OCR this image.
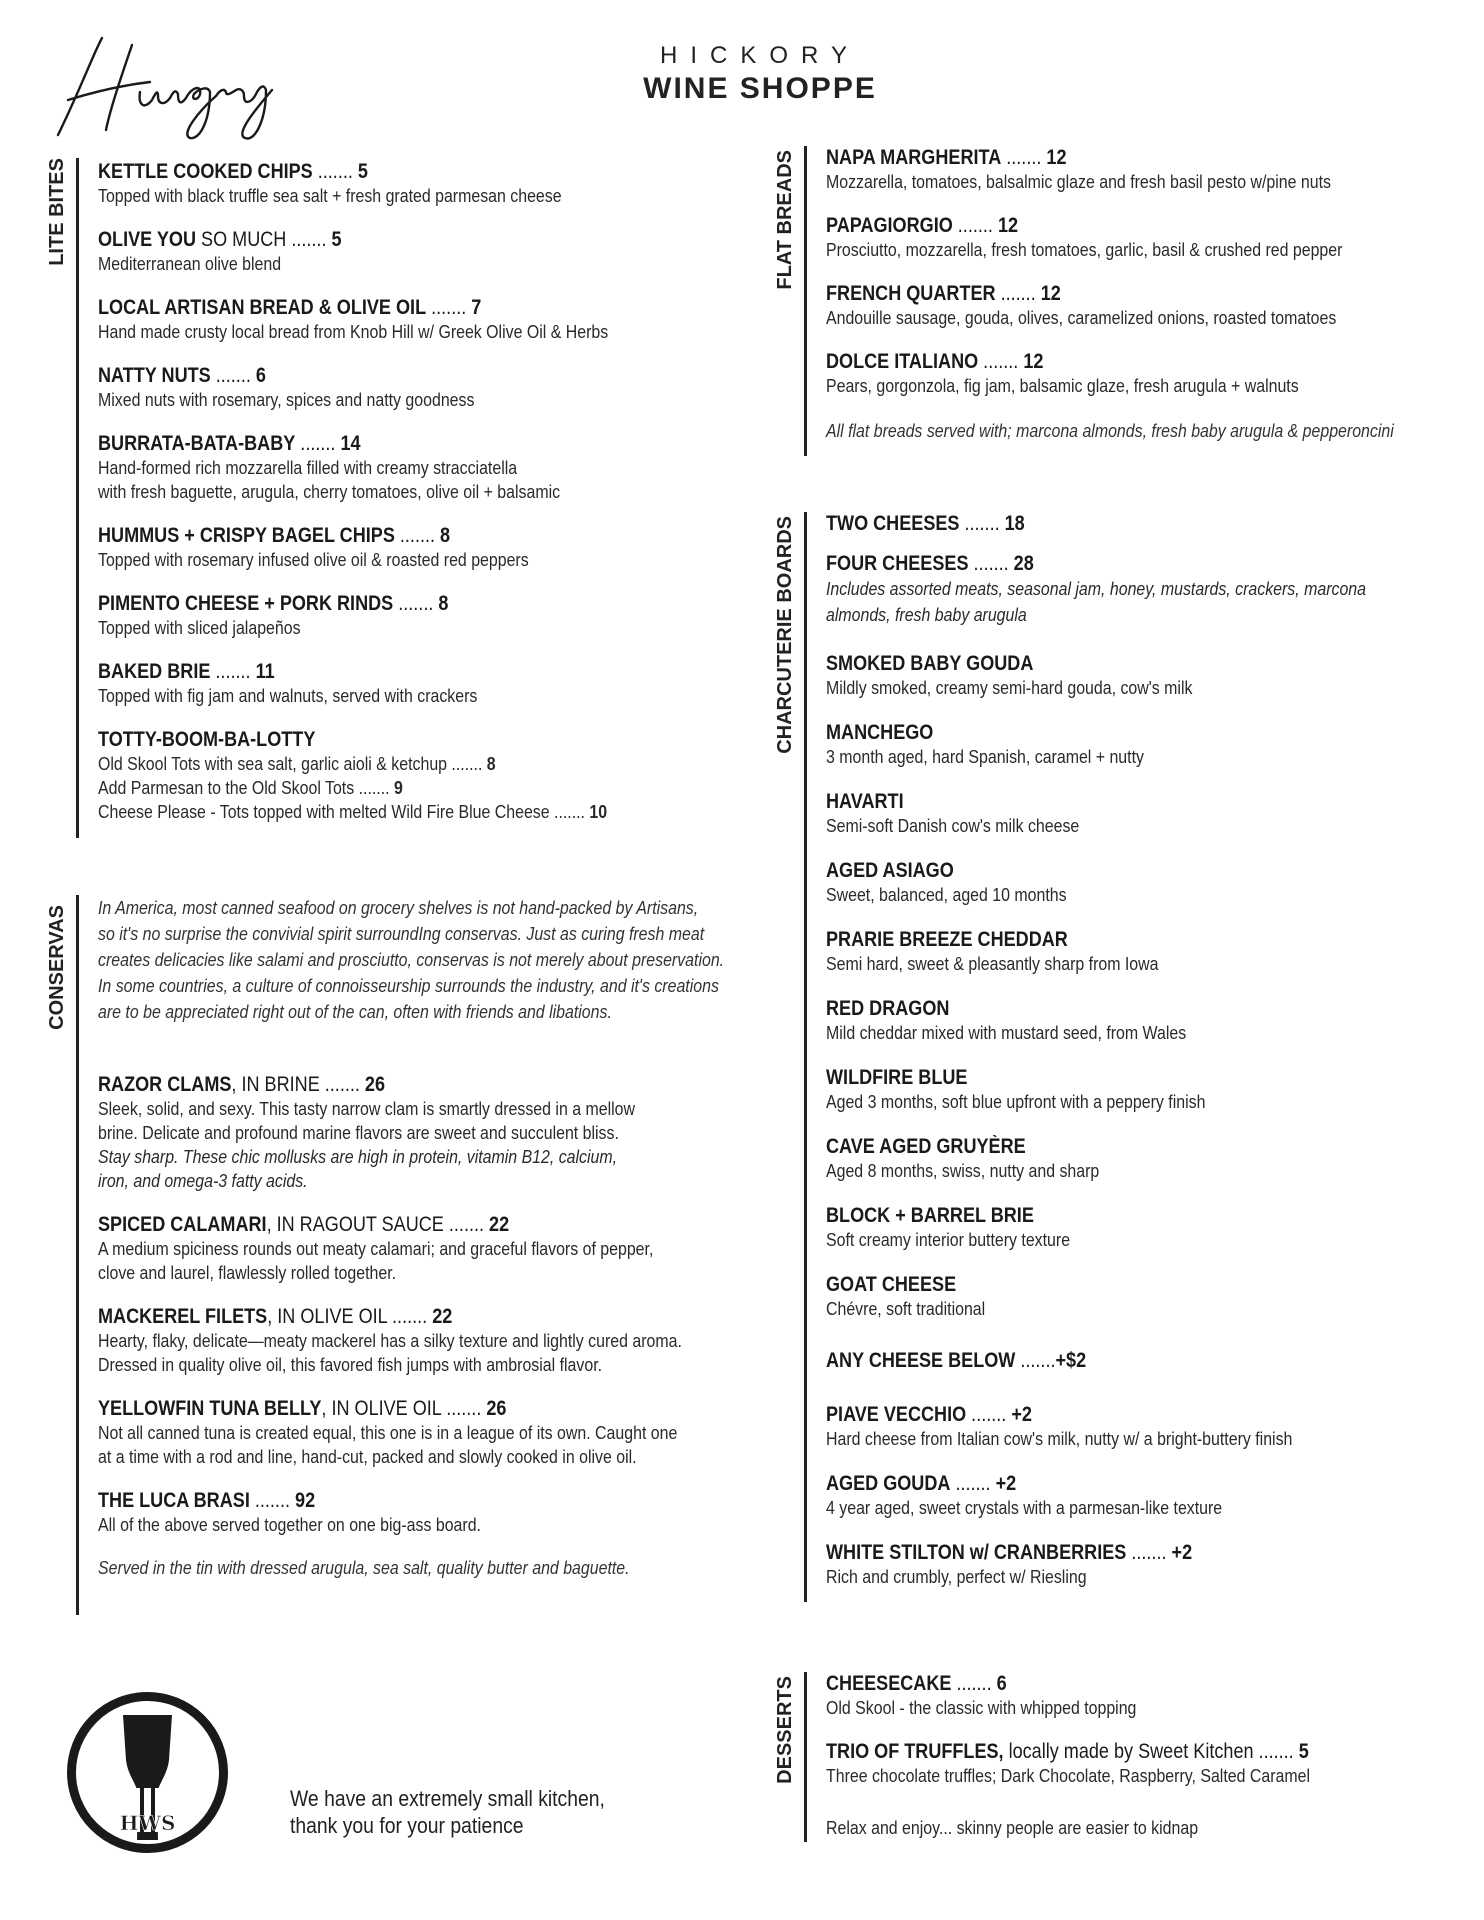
HICKORY
WINE SHOPPE
LITE BITES KETTLE COOKED CHIPS ....... 5
Topped with black truffle sea salt + fresh grated parmesan cheese
OLIVE YOU SO MUCH ....... 5
Mediterranean olive blend
LOCAL ARTISAN BREAD & OLIVE OIL ....... 7
Hand made crusty local bread from Knob Hill w/ Greek Olive Oil & Herbs
NATTY NUTS ....... 6
Mixed nuts with rosemary, spices and natty goodness
BURRATA-BATA-BABY ....... 14
Hand-formed rich mozzarella filled with creamy stracciatella
with fresh baguette, arugula, cherry tomatoes, olive oil + balsamic
HUMMUS + CRISPY BAGEL CHIPS ....... 8
Topped with rosemary infused olive oil & roasted red peppers
PIMENTO CHEESE + PORK RINDS ....... 8
Topped with sliced jalapeños
BAKED BRIE ....... 11
Topped with fig jam and walnuts, served with crackers
TOTTY-BOOM-BA-LOTTY
Old Skool Tots with sea salt, garlic aioli & ketchup ....... 8
Add Parmesan to the Old Skool Tots ....... 9
Cheese Please - Tots topped with melted Wild Fire Blue Cheese ....... 10
CONSERVAS In America, most canned seafood on grocery shelves is not hand-packed by Artisans,
so it's no surprise the convivial spirit surroundIng conservas. Just as curing fresh meat
creates delicacies like salami and prosciutto, conservas is not merely about preservation.
In some countries, a culture of connoisseurship surrounds the industry, and it's creations
are to be appreciated right out of the can, often with friends and libations.
RAZOR CLAMS, IN BRINE ....... 26
Sleek, solid, and sexy. This tasty narrow clam is smartly dressed in a mellow
brine. Delicate and profound marine flavors are sweet and succulent bliss.
Stay sharp. These chic mollusks are high in protein, vitamin B12, calcium,
iron, and omega-3 fatty acids.
SPICED CALAMARI, IN RAGOUT SAUCE ....... 22
A medium spiciness rounds out meaty calamari; and graceful flavors of pepper,
clove and laurel, flawlessly rolled together.
MACKEREL FILETS, IN OLIVE OIL ....... 22
Hearty, flaky, delicate—meaty mackerel has a silky texture and lightly cured aroma.
Dressed in quality olive oil, this favored fish jumps with ambrosial flavor.
YELLOWFIN TUNA BELLY, IN OLIVE OIL ....... 26
Not all canned tuna is created equal, this one is in a league of its own. Caught one
at a time with a rod and line, hand-cut, packed and slowly cooked in olive oil.
THE LUCA BRASI ....... 92
All of the above served together on one big-ass board.
Served in the tin with dressed arugula, sea salt, quality butter and baguette.
FLAT BREADS NAPA MARGHERITA ....... 12
Mozzarella, tomatoes, balsalmic glaze and fresh basil pesto w/pine nuts
PAPAGIORGIO ....... 12
Prosciutto, mozzarella, fresh tomatoes, garlic, basil & crushed red pepper
FRENCH QUARTER ....... 12
Andouille sausage, gouda, olives, caramelized onions, roasted tomatoes
DOLCE ITALIANO ....... 12
Pears, gorgonzola, fig jam, balsamic glaze, fresh arugula + walnuts
All flat breads served with; marcona almonds, fresh baby arugula & pepperoncini
CHARCUTERIE BOARDS TWO CHEESES ....... 18
FOUR CHEESES ....... 28
Includes assorted meats, seasonal jam, honey, mustards, crackers, marcona
almonds, fresh baby arugula
SMOKED BABY GOUDA
Mildly smoked, creamy semi-hard gouda, cow's milk
MANCHEGO
3 month aged, hard Spanish, caramel + nutty
HAVARTI
Semi-soft Danish cow's milk cheese
AGED ASIAGO
Sweet, balanced, aged 10 months
PRARIE BREEZE CHEDDAR
Semi hard, sweet & pleasantly sharp from Iowa
RED DRAGON
Mild cheddar mixed with mustard seed, from Wales
WILDFIRE BLUE
Aged 3 months, soft blue upfront with a peppery finish
CAVE AGED GRUYÈRE
Aged 8 months, swiss, nutty and sharp
BLOCK + BARREL BRIE
Soft creamy interior buttery texture
GOAT CHEESE
Chévre, soft traditional
ANY CHEESE BELOW .......+$2
PIAVE VECCHIO ....... +2
Hard cheese from Italian cow's milk, nutty w/ a bright-buttery finish
AGED GOUDA ....... +2
4 year aged, sweet crystals with a parmesan-like texture
WHITE STILTON w/ CRANBERRIES ....... +2
Rich and crumbly, perfect w/ Riesling
DESSERTS CHEESECAKE ....... 6
Old Skool - the classic with whipped topping
TRIO OF TRUFFLES, locally made by Sweet Kitchen ....... 5
Three chocolate truffles; Dark Chocolate, Raspberry, Salted Caramel
Relax and enjoy... skinny people are easier to kidnap
HWS
We have an extremely small kitchen,
thank you for your patience
